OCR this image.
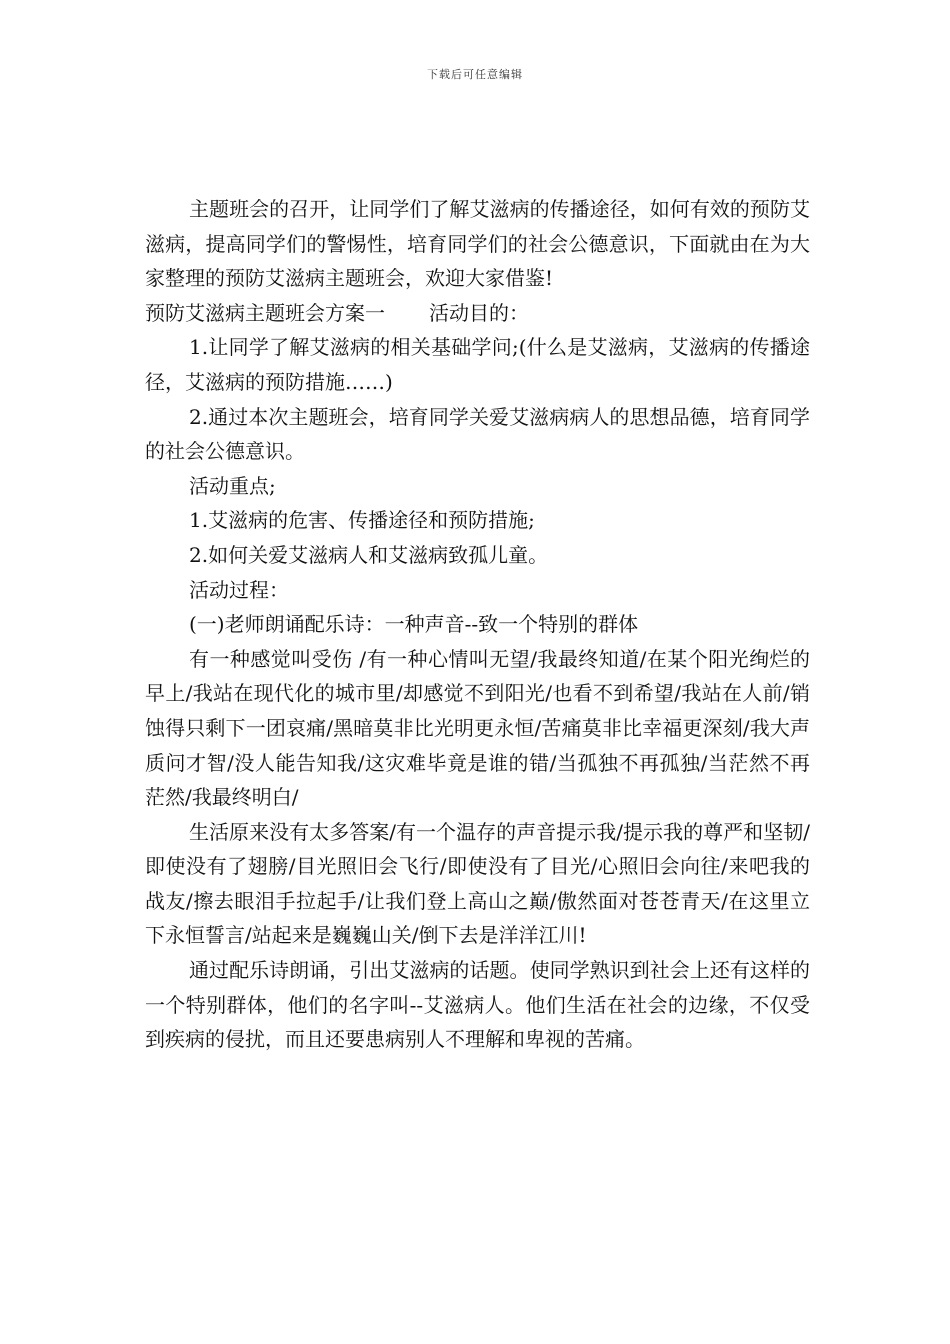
下载后可任意编辑

主题班会的召开，让同学们了解艾滋病的传播途径，如何有效的预防艾滋病，提高同学们的警惕性，培育同学们的社会公德意识，下面就由在为大家整理的预防艾滋病主题班会，欢迎大家借鉴!

预防艾滋病主题班会方案一 活动目的：

1.让同学了解艾滋病的相关基础学问;(什么是艾滋病，艾滋病的传播途径，艾滋病的预防措施……)

2.通过本次主题班会，培育同学关爱艾滋病病人的思想品德，培育同学的社会公德意识。

活动重点;

1.艾滋病的危害、传播途径和预防措施;

2.如何关爱艾滋病人和艾滋病致孤儿童。

活动过程：

(一)老师朗诵配乐诗：一种声音--致一个特别的群体

有一种感觉叫受伤 /有一种心情叫无望/我最终知道/在某个阳光绚烂的早上/我站在现代化的城市里/却感觉不到阳光/也看不到希望/我站在人前/销蚀得只剩下一团哀痛/黑暗莫非比光明更永恒/苦痛莫非比幸福更深刻/我大声质问才智/没人能告知我/这灾难毕竟是谁的错/当孤独不再孤独/当茫然不再茫然/我最终明白/

生活原来没有太多答案/有一个温存的声音提示我/提示我的尊严和坚韧/即使没有了翅膀/目光照旧会飞行/即使没有了目光/心照旧会向往/来吧我的战友/擦去眼泪手拉起手/让我们登上高山之巅/傲然面对苍苍青天/在这里立下永恒誓言/站起来是巍巍山关/倒下去是洋洋江川!

通过配乐诗朗诵，引出艾滋病的话题。使同学熟识到社会上还有这样的一个特别群体，他们的名字叫--艾滋病人。他们生活在社会的边缘，不仅受到疾病的侵扰，而且还要患病别人不理解和卑视的苦痛。
